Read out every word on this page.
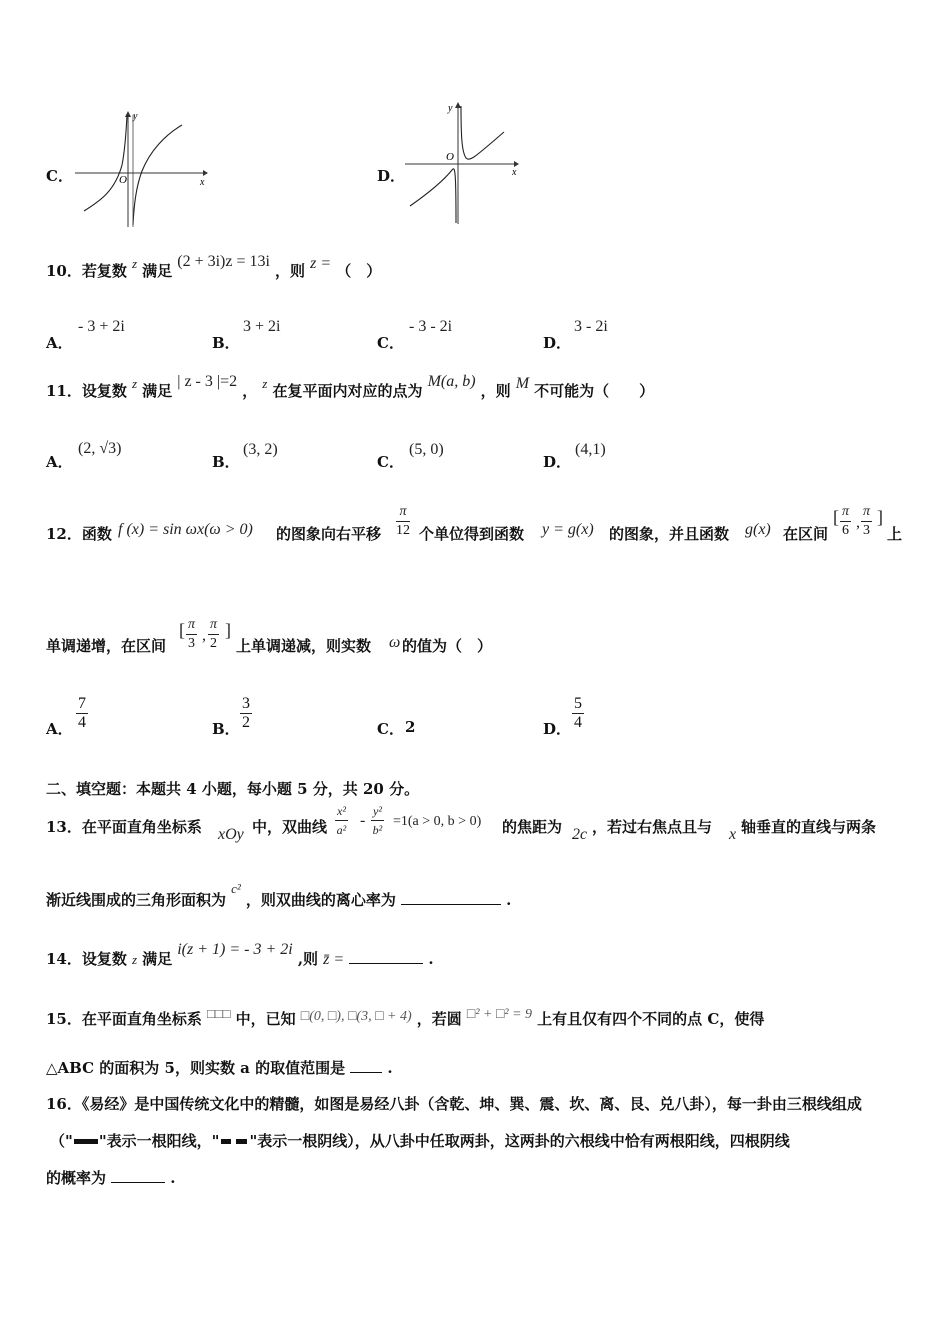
C．
y
x
O	D．
y
x
O
10．若复数 $^z$ 满足 (2 + 3i)z = 13i ，则 z = （　）
A．
- 3 + 2i
B．
3 + 2i
C．
- 3 - 2i
D．
3 - 2i
11．设复数 $^z$ 满足 | z - 3 |=2 ， $^z$ 在复平面内对应的点为 M(a, b) ，则 M 不可能为（　　）
A．
(2, √3)
B．
(3, 2)
C．
(5, 0)
D．
(4,1)
12．函数 f (x) = sin ωx(ω > 0) 的图象向右平移 $\frac{\pi}{12}$ 个单位得到函数 y = g(x) 的图象，并且函数 g(x) 在区间
[ $\frac{\pi}{6}$ , $\frac{\pi}{3}$ ]
上
单调递增，在区间
[ $\frac{\pi}{3}$ , $\frac{\pi}{2}$ ]
上单调递减，则实数 ω 的值为（　）
A． $\frac{7}{4}$	B． $\frac{3}{2}$	C． 2	D． $\frac{5}{4}$
二、填空题：本题共 4 小题，每小题 5 分，共 20 分。
13．在平面直角坐标系 xOy 中，双曲线 $\frac{\text{x²}}{\text{a²}} - \frac{\text{y²}}{\text{b²}} =1(a > 0$, b > 0) 的焦距为 2c ，若过右焦点且与 x 轴垂直的直线与两条
渐近线围成的三角形面积为 $^{c^2}$ ，则双曲线的离心率为	.
14．设复数 z 满足 i(z + 1) = - 3 + 2i ,则 z̄ =	.
15．在平面直角坐标系 □□□ 中，已知 □(0, □), □(3, □ + 4) ，若圆 □² + □² = 9 上有且仅有四个不同的点 C，使得
△ABC 的面积为 5，则实数 a 的取值范围是	.
16．《易经》是中国传统文化中的精髓，如图是易经八卦（含乾、坤、巽、震、坎、离、艮、兑八卦），每一卦由三根线组成
（" "表示一根阳线，" "表示一根阴线），从八卦中任取两卦，这两卦的六根线中恰有两根阳线，四根阴线
的概率为	.
